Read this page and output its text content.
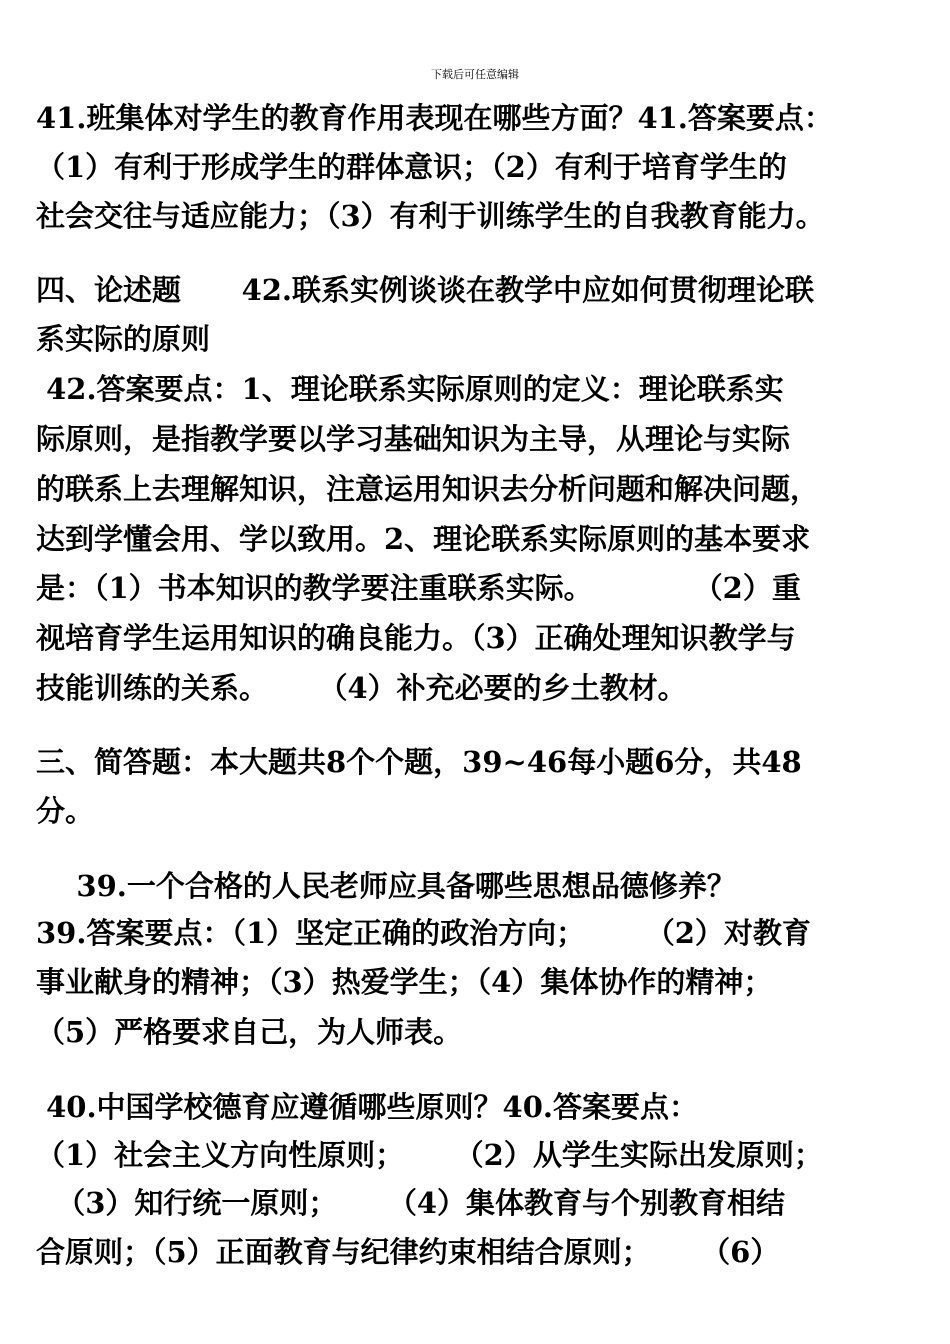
下载后可任意编辑
41.班集体对学生的教育作用表现在哪些方面？41.答案要点：
（1）有利于形成学生的群体意识；（2）有利于培育学生的
社会交往与适应能力；（3）有利于训练学生的自我教育能力。
四、论述题      42.联系实例谈谈在教学中应如何贯彻理论联
系实际的原则
42.答案要点：1、理论联系实际原则的定义：理论联系实
际原则，是指教学要以学习基础知识为主导，从理论与实际
的联系上去理解知识，注意运用知识去分析问题和解决问题，
达到学懂会用、学以致用。2、理论联系实际原则的基本要求
是：（1）书本知识的教学要注重联系实际。          （2）重
视培育学生运用知识的确良能力。（3）正确处理知识教学与
技能训练的关系。     （4）补充必要的乡土教材。
三、简答题：本大题共8个个题，39~46每小题6分，共48
分。
39.一个合格的人民老师应具备哪些思想品德修养？
39.答案要点：（1）坚定正确的政治方向；      （2）对教育
事业献身的精神；（3）热爱学生；（4）集体协作的精神；
（5）严格要求自己，为人师表。
40.中国学校德育应遵循哪些原则？40.答案要点：
（1）社会主义方向性原则；     （2）从学生实际出发原则；
（3）知行统一原则；     （4）集体教育与个别教育相结
合原则；（5）正面教育与纪律约束相结合原则；     （6）
